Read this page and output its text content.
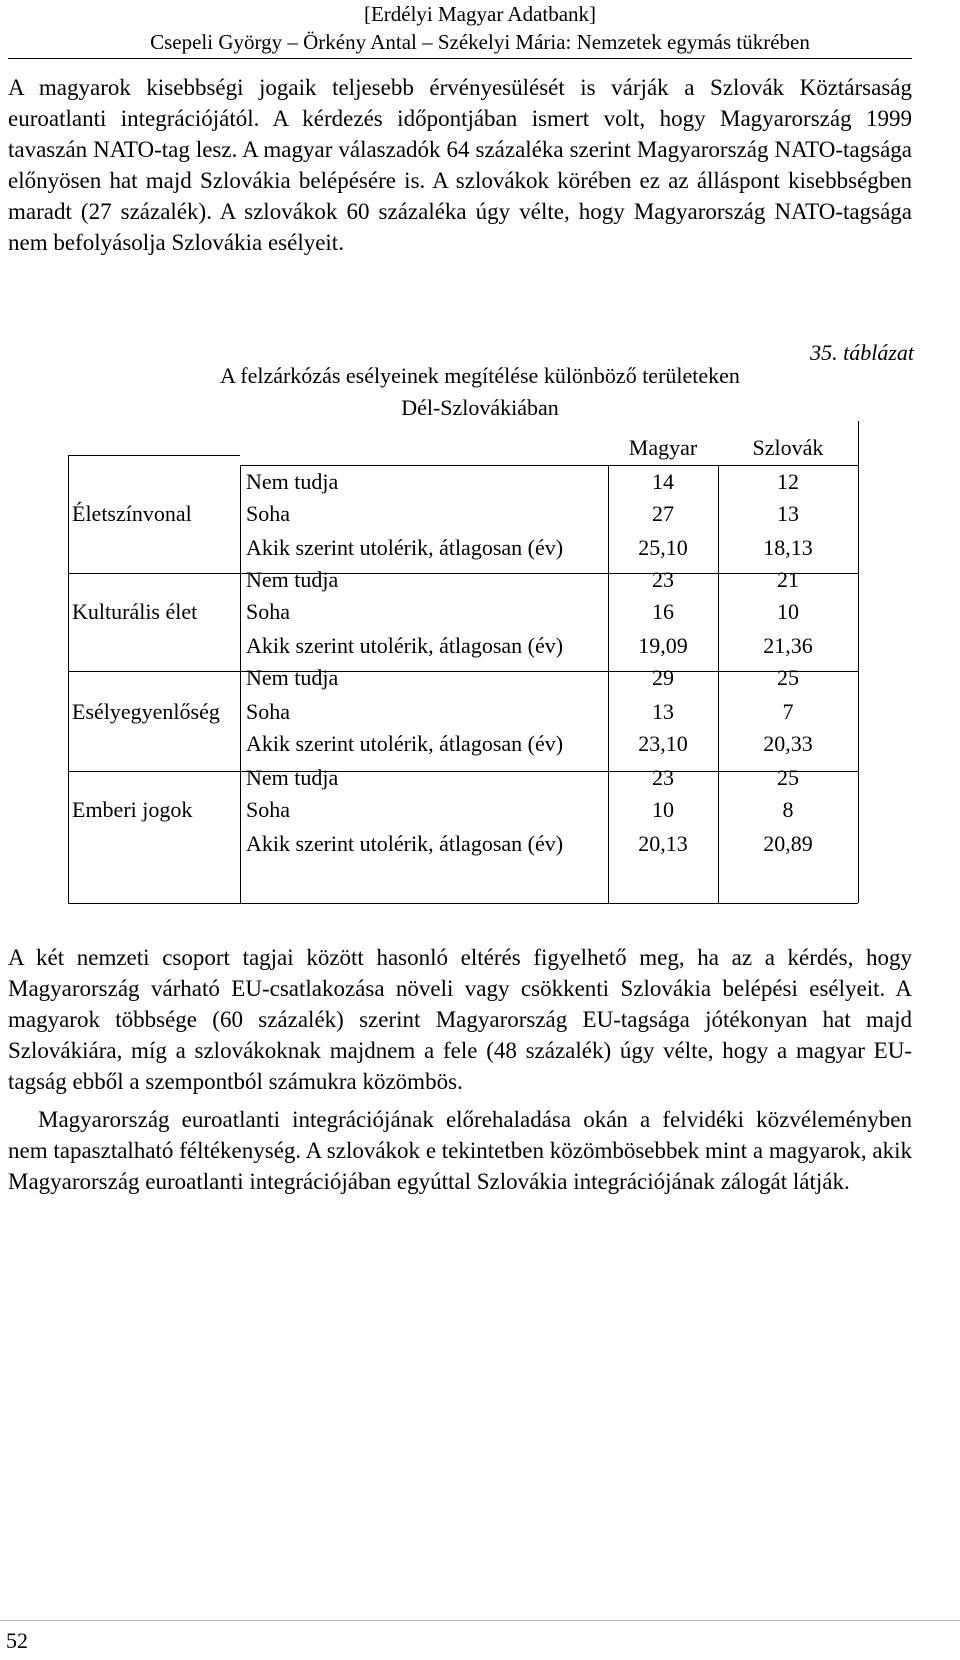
[Erdélyi Magyar Adatbank]
Csepeli György – Örkény Antal – Székelyi Mária: Nemzetek egymás tükrében
A magyarok kisebbségi jogaik teljesebb érvényesülését is várják a Szlovák Köztársaság euroatlanti integrációjától. A kérdezés időpontjában ismert volt, hogy Magyarország 1999 tavaszán NATO-tag lesz. A magyar válaszadók 64 százaléka szerint Magyarország NATO-tagsága előnyösen hat majd Szlovákia belépésére is. A szlovákok körében ez az álláspont kisebbségben maradt (27 százalék). A szlovákok 60 százaléka úgy vélte, hogy Magyarország NATO-tagsága nem befolyásolja Szlovákia esélyeit.
35. táblázat
A felzárkózás esélyeinek megítélése különböző területeken
Dél-Szlovákiában
Magyar	Szlovák
Életszínvonal
Nem tudja	14	12
Soha	27	13
Akik szerint utolérik, átlagosan (év)	25,10	18,13
Kulturális élet
Nem tudja	23	21
Soha	16	10
Akik szerint utolérik, átlagosan (év)	19,09	21,36
Esélyegyenlőség
Nem tudja	29	25
Soha	13	7
Akik szerint utolérik, átlagosan (év)	23,10	20,33
Emberi jogok
Nem tudja	23	25
Soha	10	8
Akik szerint utolérik, átlagosan (év)	20,13	20,89
A két nemzeti csoport tagjai között hasonló eltérés figyelhető meg, ha az a kérdés, hogy Magyarország várható EU-csatlakozása növeli vagy csökkenti Szlovákia belépési esélyeit. A magyarok többsége (60 százalék) szerint Magyarország EU-tagsága jótékonyan hat majd Szlovákiára, míg a szlovákoknak majdnem a fele (48 százalék) úgy vélte, hogy a magyar EU-tagság ebből a szempontból számukra közömbös.
Magyarország euroatlanti integrációjának előrehaladása okán a felvidéki közvéleményben nem tapasztalható féltékenység. A szlovákok e tekintetben közömbösebbek mint a magyarok, akik Magyarország euroatlanti integrációjában egyúttal Szlovákia integrációjának zálogát látják.
52
